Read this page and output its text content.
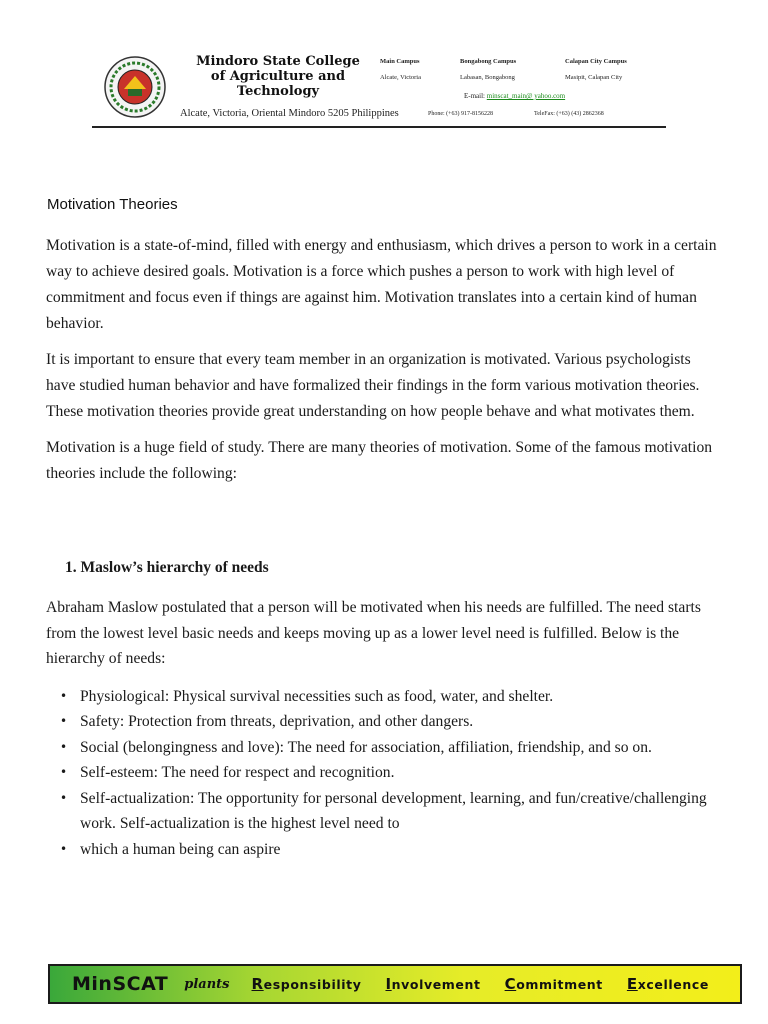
Mindoro State College of Agriculture and Technology
Alcate, Victoria, Oriental Mindoro 5205 Philippines
Main Campus
Alcate, Victoria
Bongabong Campus
Labasan, Bongabong
Calapan City Campus
Masipit, Calapan City
E-mail: minscat_main@ yahoo.com
Phone: (+63) 917-8156228	TeleFax: (+63) (43) 2862368
Motivation Theories

Motivation is a state-of-mind, filled with energy and enthusiasm, which drives a person to work in a certain way to achieve desired goals. Motivation is a force which pushes a person to work with high level of commitment and focus even if things are against him. Motivation translates into a certain kind of human behavior.

It is important to ensure that every team member in an organization is motivated. Various psychologists have studied human behavior and have formalized their findings in the form various motivation theories. These motivation theories provide great understanding on how people behave and what motivates them.

Motivation is a huge field of study. There are many theories of motivation. Some of the famous motivation theories include the following:

1. Maslow’s hierarchy of needs

Abraham Maslow postulated that a person will be motivated when his needs are fulfilled. The need starts from the lowest level basic needs and keeps moving up as a lower level need is fulfilled. Below is the hierarchy of needs:

• Physiological: Physical survival necessities such as food, water, and shelter.
• Safety: Protection from threats, deprivation, and other dangers.
• Social (belongingness and love): The need for association, affiliation, friendship, and so on.
• Self-esteem: The need for respect and recognition.
• Self-actualization: The opportunity for personal development, learning, and fun/creative/challenging work. Self-actualization is the highest level need to
• which a human being can aspire
MinSCAT plants Responsibility Involvement Commitment Excellence
